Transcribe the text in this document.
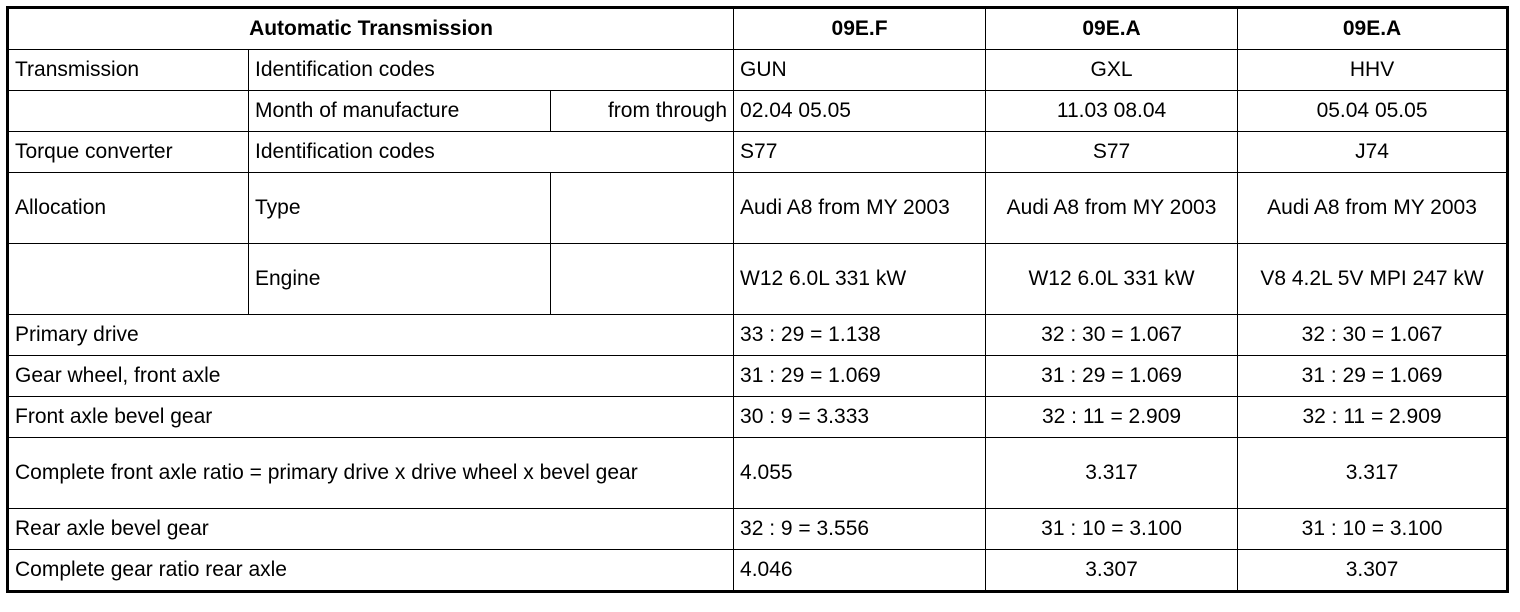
Automatic Transmission			09E.F	09E.A	09E.A
Transmission	Identification codes		GUN	GXL	HHV
	Month of manufacture	from through	02.04 05.05	11.03 08.04	05.04 05.05
Torque converter	Identification codes		S77	S77	J74
Allocation	Type		Audi A8 from MY 2003	Audi A8 from MY 2003	Audi A8 from MY 2003
	Engine		W12 6.0L 331 kW	W12 6.0L 331 kW	V8 4.2L 5V MPI 247 kW
Primary drive			33 : 29 = 1.138	32 : 30 = 1.067	32 : 30 = 1.067
Gear wheel, front axle			31 : 29 = 1.069	31 : 29 = 1.069	31 : 29 = 1.069
Front axle bevel gear			30 : 9 = 3.333	32 : 11 = 2.909	32 : 11 = 2.909
Complete front axle ratio = primary drive x drive wheel x bevel gear			4.055	3.317	3.317
Rear axle bevel gear			32 : 9 = 3.556	31 : 10 = 3.100	31 : 10 = 3.100
Complete gear ratio rear axle			4.046	3.307	3.307
